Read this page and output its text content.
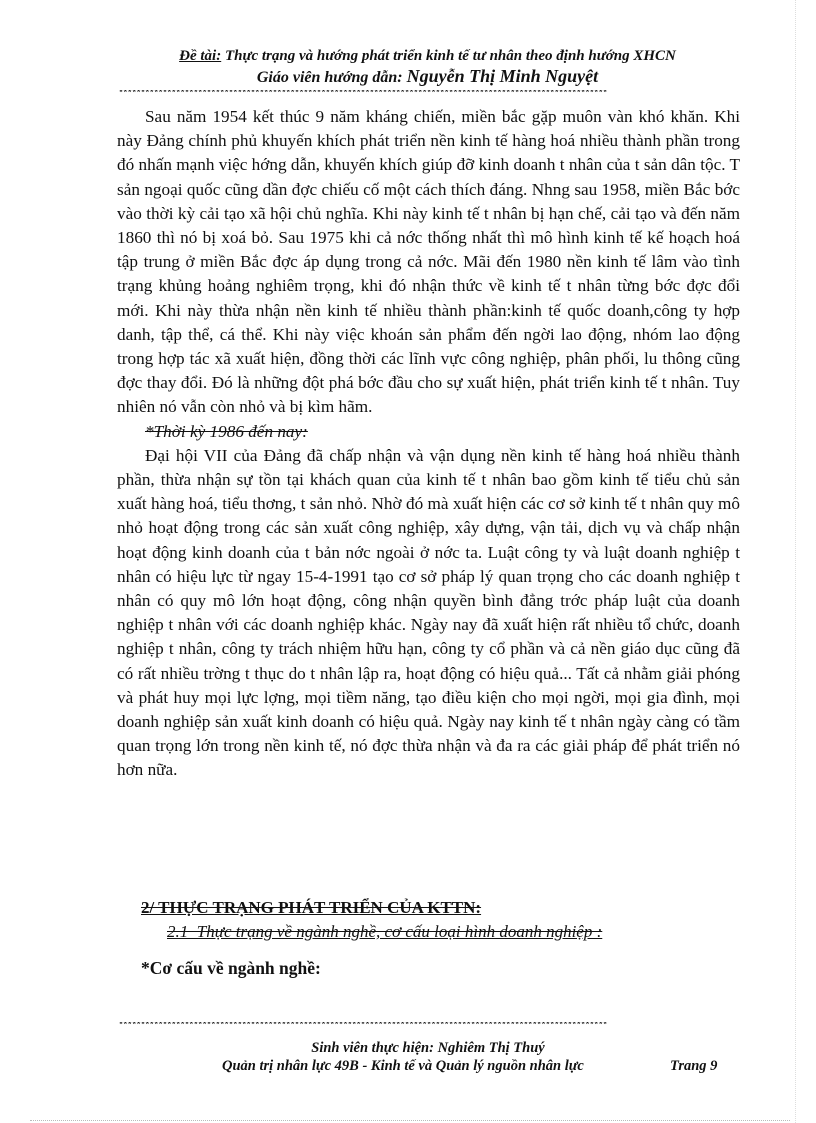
Đề tài: Thực trạng và hướng phát triển kinh tế tư nhân theo định hướng XHCN
Giáo viên hướng dẫn: Nguyễn Thị Minh Nguyệt
***************************************************************************************************************

Sau năm 1954 kết thúc 9 năm kháng chiến, miền bắc gặp muôn vàn khó khăn. Khi này Đảng chính phủ khuyến khích phát triển nền kinh tế hàng hoá nhiều thành phần trong đó nhấn mạnh việc hớng dẫn, khuyến khích giúp đỡ kinh doanh t nhân của t sản dân tộc. T sản ngoại quốc cũng dần đợc chiếu cố một cách thích đáng. Nhng sau 1958, miền Bắc bớc vào thời kỳ cải tạo xã hội chủ nghĩa. Khi này kinh tế t nhân bị hạn chế, cải tạo và đến năm 1860 thì nó bị xoá bỏ. Sau 1975 khi cả nớc thống nhất thì mô hình kinh tế kế hoạch hoá tập trung ở miền Bắc đợc áp dụng trong cả nớc. Mãi đến 1980 nền kinh tế lâm vào tình trạng khủng hoảng nghiêm trọng, khi đó nhận thức về kinh tế t nhân từng bớc đợc đổi mới. Khi này thừa nhận nền kinh tế nhiều thành phần:kinh tế quốc doanh,công ty hợp danh, tập thể, cá thể. Khi này việc khoán sản phẩm đến ngời lao động, nhóm lao động trong hợp tác xã xuất hiện, đồng thời các lĩnh vực công nghiệp, phân phối, lu thông cũng đợc thay đổi. Đó là những đột phá bớc đầu cho sự xuất hiện, phát triển kinh tế t nhân. Tuy nhiên nó vẫn còn nhỏ và bị kìm hãm.

*Thời kỳ 1986 đến nay:

Đại hội VII của Đảng đã chấp nhận và vận dụng nền kinh tế hàng hoá nhiều thành phần, thừa nhận sự tồn tại khách quan của kinh tế t nhân bao gồm kinh tế tiểu chủ sản xuất hàng hoá, tiểu thơng, t sản nhỏ. Nhờ đó mà xuất hiện các cơ sở kinh tế t nhân quy mô nhỏ hoạt động trong các sản xuất công nghiệp, xây dựng, vận tải, dịch vụ và chấp nhận hoạt động kinh doanh của t bản nớc ngoài ở nớc ta. Luật công ty và luật doanh nghiệp t nhân có hiệu lực từ ngay 15-4-1991 tạo cơ sở pháp lý quan trọng cho các doanh nghiệp t nhân có quy mô lớn hoạt động, công nhận quyền bình đẳng trớc pháp luật của doanh nghiệp t nhân với các doanh nghiệp khác. Ngày nay đã xuất hiện rất nhiều tổ chức, doanh nghiệp t nhân, công ty trách nhiệm hữu hạn, công ty cổ phần và cả nền giáo dục cũng đã có rất nhiều trờng t thục do t nhân lập ra, hoạt động có hiệu quả... Tất cả nhằm giải phóng và phát huy mọi lực lợng, mọi tiềm năng, tạo điều kiện cho mọi ngời, mọi gia đình, mọi doanh nghiệp sản xuất kinh doanh có hiệu quả. Ngày nay kinh tế t nhân ngày càng có tầm quan trọng lớn trong nền kinh tế, nó đợc thừa nhận và đa ra các giải pháp để phát triển nó hơn nữa.

2/ THỰC TRẠNG PHÁT TRIỂN CỦA KTTN:
2.1_Thực trạng về ngành nghề, cơ cấu loại hình doanh nghiệp :
*Cơ cấu về ngành nghề:
***************************************************************************************************************
Sinh viên thực hiện: Nghiêm Thị Thuý
Quản trị nhân lực 49B - Kinh tế và Quản lý nguồn nhân lực	Trang 9
